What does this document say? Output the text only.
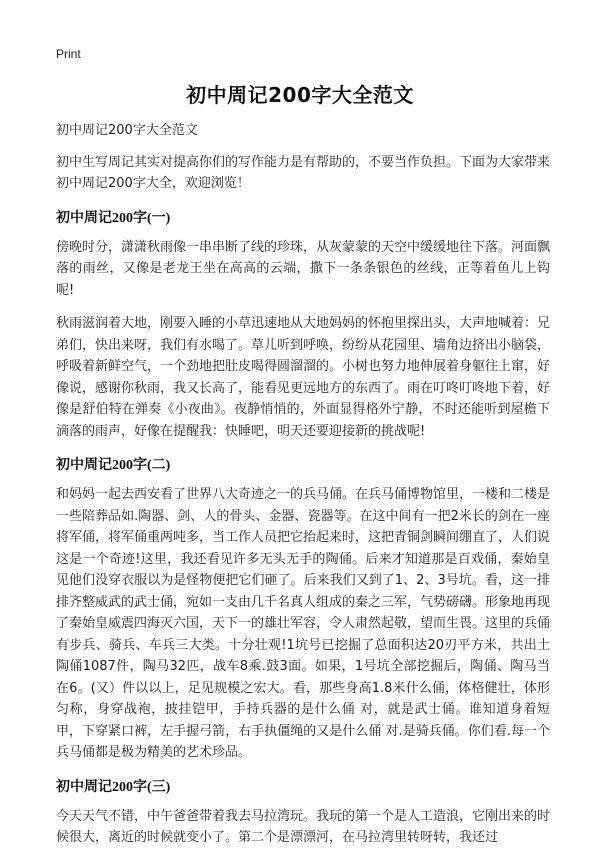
Print
初中周记200字大全范文

初中周记200字大全范文

初中生写周记其实对提高你们的写作能力是有帮助的，不要当作负担。下面为大家带来初中周记200字大全，欢迎浏览！

初中周记200字(一)

傍晚时分，潇潇秋雨像一串串断了线的珍珠，从灰蒙蒙的天空中缓缓地往下落。河面飘落的雨丝，又像是老龙王坐在高高的云端，撒下一条条银色的丝线，正等着鱼儿上钩呢!

秋雨滋润着大地，刚要入睡的小草迅速地从大地妈妈的怀抱里探出头，大声地喊着：兄弟们，快出来呀，我们有水喝了。草儿听到呼唤，纷纷从花园里、墙角边挤出小脑袋，呼吸着新鲜空气，一个劲地把肚皮喝得圆溜溜的。小树也努力地伸展着身躯往上窜，好像说，感谢你秋雨，我又长高了，能看见更远地方的东西了。雨在叮咚叮咚地下着，好像是舒伯特在弹奏《小夜曲》。夜静悄悄的，外面显得格外宁静，不时还能听到屋檐下滴落的雨声，好像在提醒我：快睡吧，明天还要迎接新的挑战呢!

初中周记200字(二)

和妈妈一起去西安看了世界八大奇迹之一的兵马俑。在兵马俑博物馆里，一楼和二楼是一些陪葬品如.陶器、剑、人的骨头、金器、瓷器等。在这中间有一把2米长的剑在一座将军俑，将军俑重两吨多，当工作人员把它抬起来时，这把青铜剑瞬间绷直了，人们说这是一个奇迹!这里，我还看见许多无头无手的陶俑。后来才知道那是百戏俑，秦始皇见他们没穿衣服以为是怪物便把它们砸了。后来我们又到了1、2、3号坑。看，这一排排齐整威武的武士俑，宛如一支由几千名真人组成的秦之三军，气势磅礴。形象地再现了秦始皇威震四海灭六国，天下一的雄壮军容，令人肃然起敬，望而生畏。这里的兵俑有步兵、骑兵、车兵三大类。十分壮观!1坑号已挖掘了总面积达20刃平方米，共出土陶俑1087件，陶马32匹，战车8乘.鼓3面。如果，1号坑全部挖掘后，陶俑、陶马当在6。(又）件以以上，足见规模之宏大。看，那些身高1.8米什么俑，体格健壮，体形匀称，身穿战袍，披挂铠甲，手持兵器的是什么俑 对，就是武士俑。谁知道身着短甲，下穿紧口裤，左手握弓箭，右手执僵绳的又是什么俑 对.是骑兵俑。你们看.每一个兵马俑都是极为精美的艺术珍品。

初中周记200字(三)

今天天气不错，中午爸爸带着我去马拉湾玩。我玩的第一个是人工造浪，它刚出来的时候很大，离近的时候就变小了。第二个是漂漂河，在马拉湾里转呀转，我还过
